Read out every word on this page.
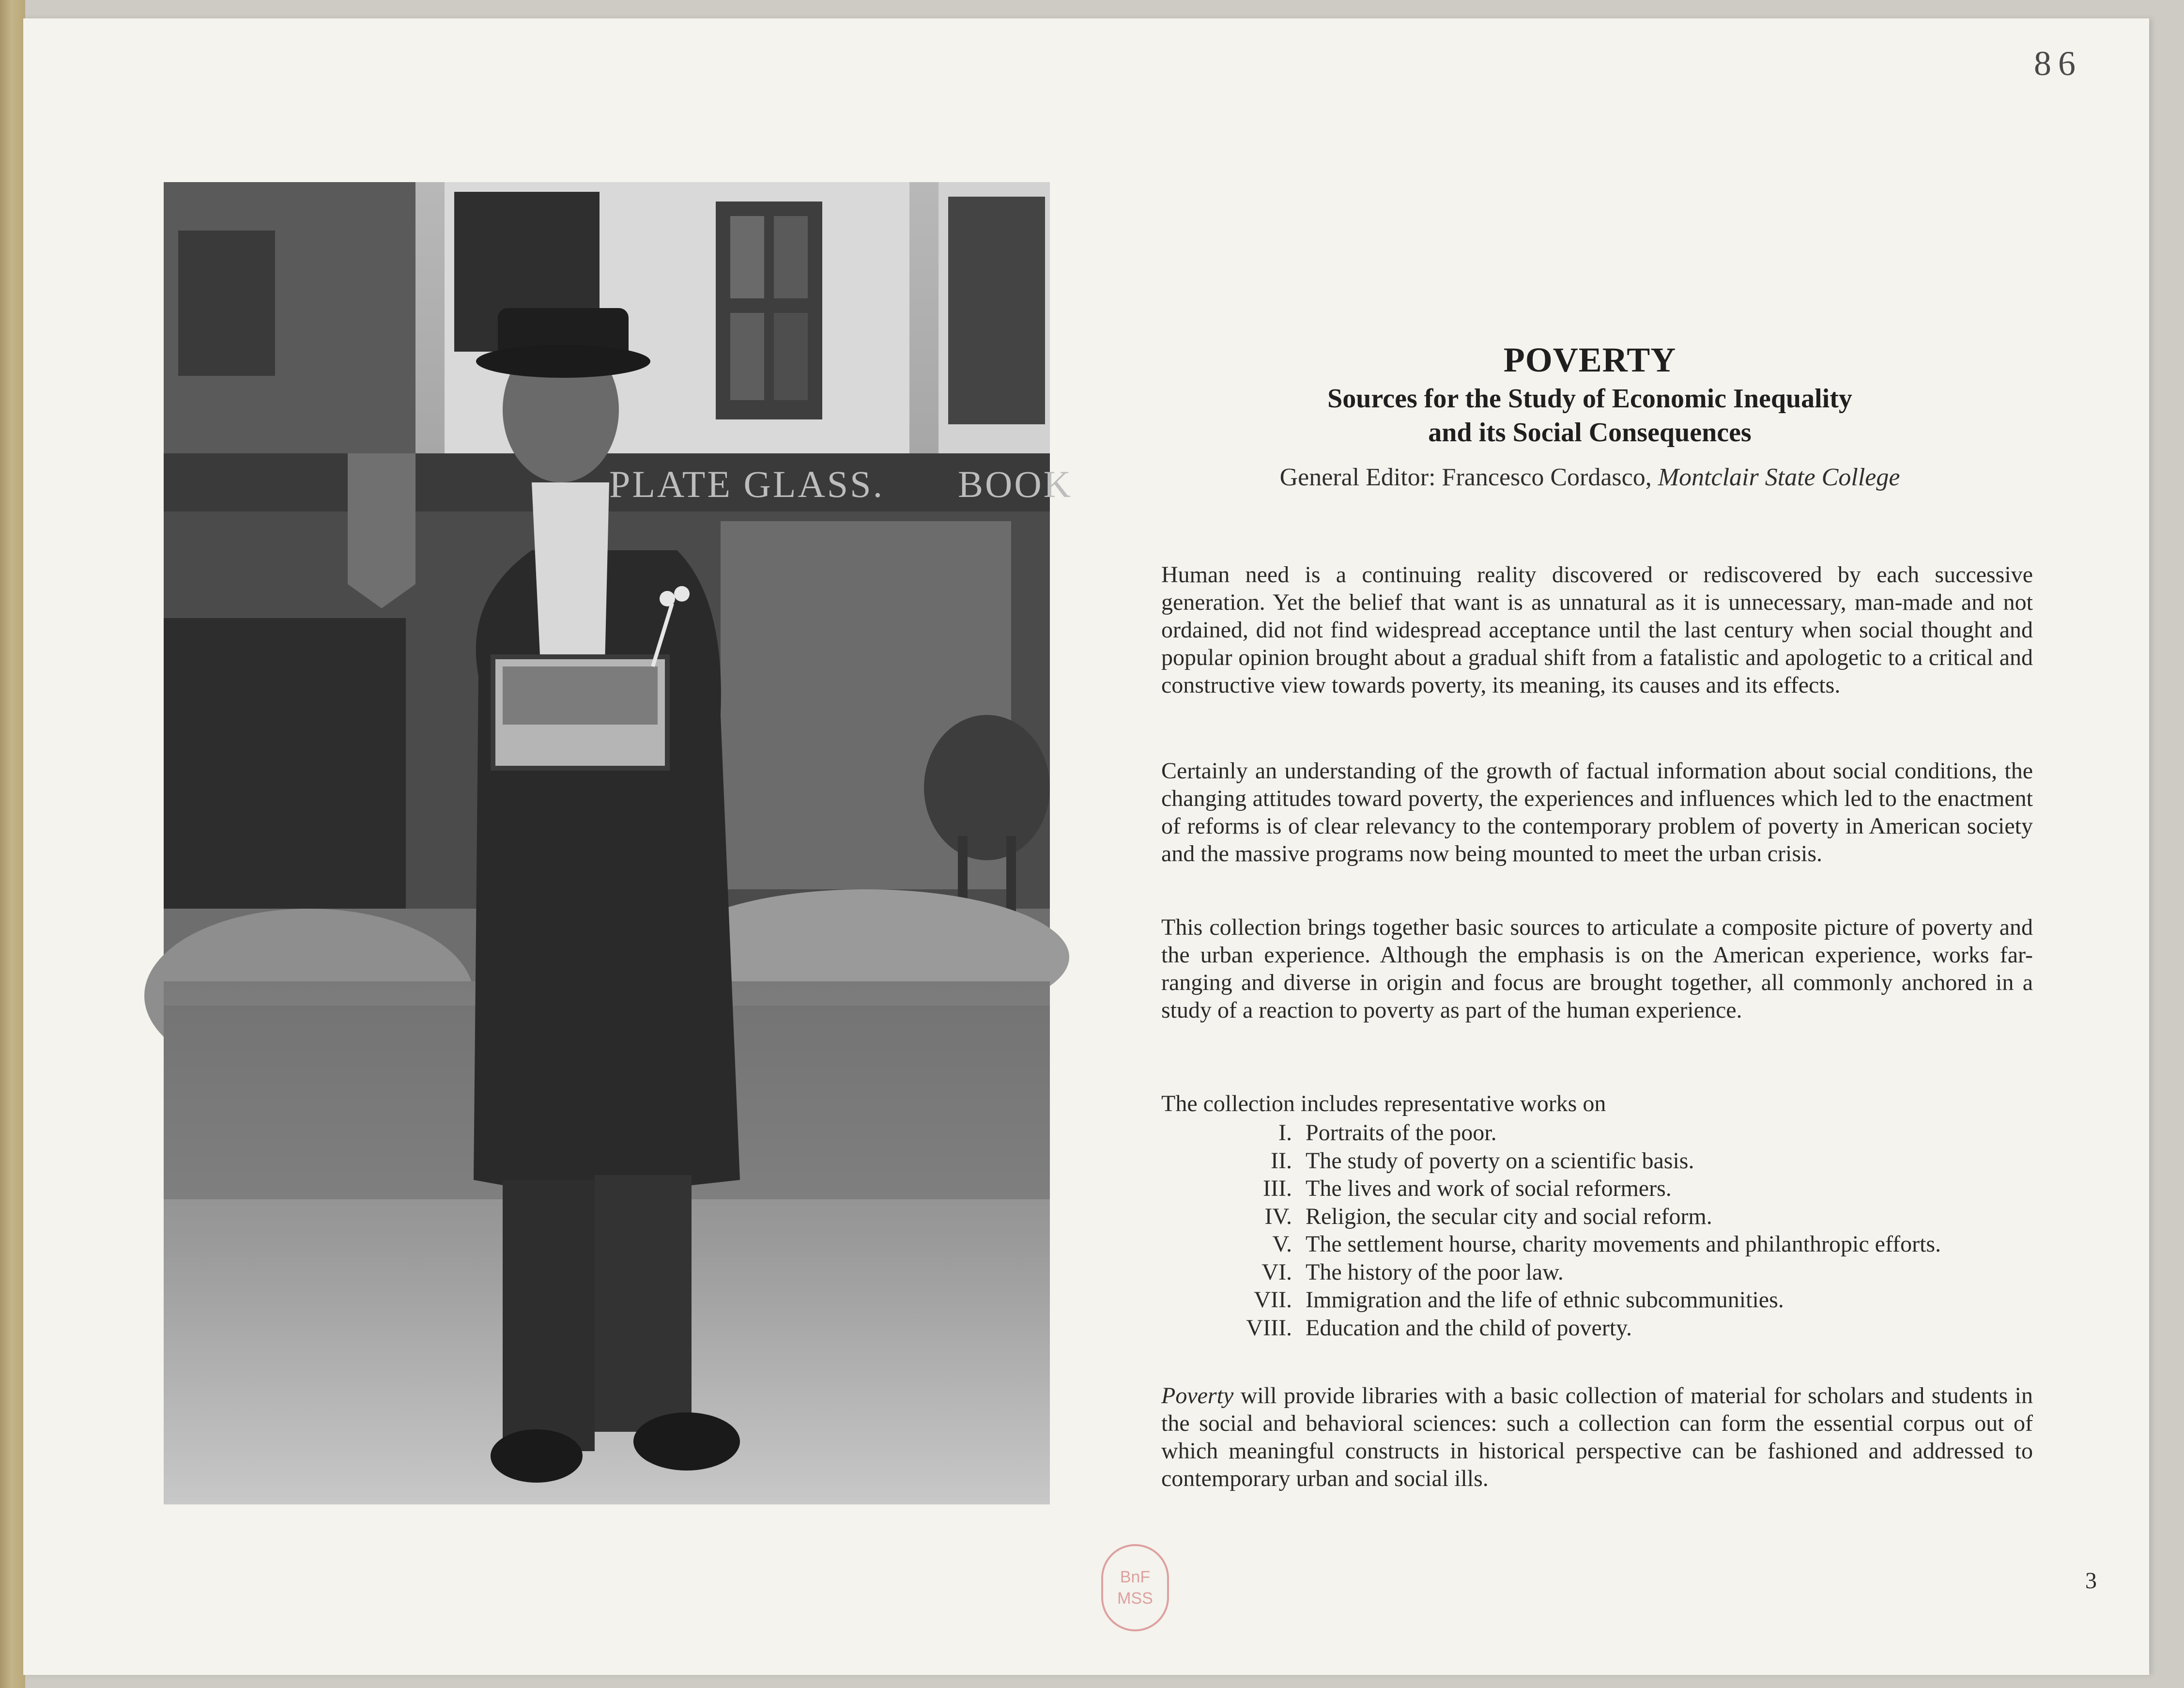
86
PLATE GLASS. BOOK
POVERTY
Sources for the Study of Economic Inequality
and its Social Consequences
General Editor: Francesco Cordasco, Montclair State College

Human need is a continuing reality discovered or rediscovered by each successive generation. Yet the belief that want is as unnatural as it is unnecessary, man-made and not ordained, did not find widespread acceptance until the last century when social thought and popular opinion brought about a gradual shift from a fatalistic and apologetic to a critical and constructive view towards poverty, its meaning, its causes and its effects.

Certainly an understanding of the growth of factual information about social conditions, the changing attitudes toward poverty, the experiences and influences which led to the enactment of reforms is of clear relevancy to the contemporary problem of poverty in American society and the massive programs now being mounted to meet the urban crisis.

This collection brings together basic sources to articulate a composite picture of poverty and the urban experience. Although the emphasis is on the American experience, works far-ranging and diverse in origin and focus are brought together, all commonly anchored in a study of a reaction to poverty as part of the human experience.

The collection includes representative works on
I. Portraits of the poor.
II. The study of poverty on a scientific basis.
III. The lives and work of social reformers.
IV. Religion, the secular city and social reform.
V. The settlement hourse, charity movements and philanthropic efforts.
VI. The history of the poor law.
VII. Immigration and the life of ethnic subcommunities.
VIII. Education and the child of poverty.

Poverty will provide libraries with a basic collection of material for scholars and students in the social and behavioral sciences: such a collection can form the essential corpus out of which meaningful constructs in historical perspective can be fashioned and addressed to contemporary urban and social ills.

3
BnF
MSS
